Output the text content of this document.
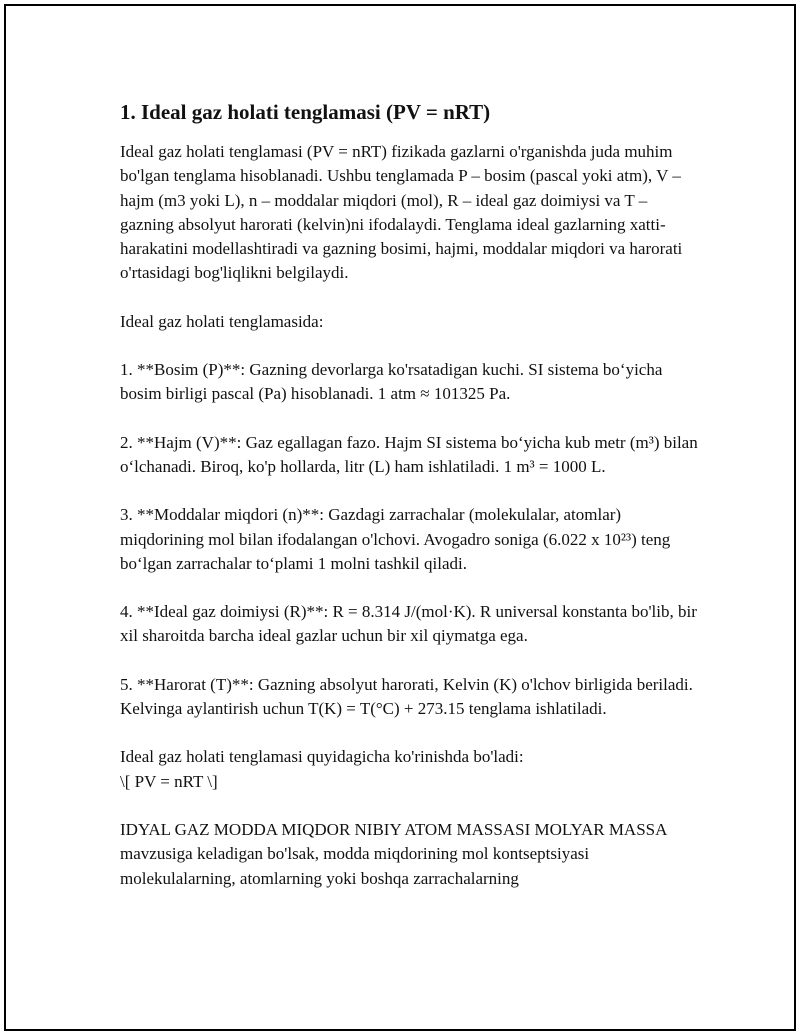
1. Ideal gaz holati tenglamasi (PV = nRT)

Ideal gaz holati tenglamasi (PV = nRT) fizikada gazlarni o'rganishda juda muhim bo'lgan tenglama hisoblanadi. Ushbu tenglamada P – bosim (pascal yoki atm), V – hajm (m3 yoki L), n – moddalar miqdori (mol), R – ideal gaz doimiysi va T – gazning absolyut harorati (kelvin)ni ifodalaydi. Tenglama ideal gazlarning xatti-harakatini modellashtiradi va gazning bosimi, hajmi, moddalar miqdori va harorati o'rtasidagi bog'liqlikni belgilaydi.

Ideal gaz holati tenglamasida:

1. **Bosim (P)**: Gazning devorlarga ko'rsatadigan kuchi. SI sistema bo‘yicha bosim birligi pascal (Pa) hisoblanadi. 1 atm ≈ 101325 Pa.

2. **Hajm (V)**: Gaz egallagan fazo. Hajm SI sistema bo‘yicha kub metr (m³) bilan o‘lchanadi. Biroq, ko'p hollarda, litr (L) ham ishlatiladi. 1 m³ = 1000 L.

3. **Moddalar miqdori (n)**: Gazdagi zarrachalar (molekulalar, atomlar) miqdorining mol bilan ifodalangan o'lchovi. Avogadro soniga (6.022 x 10²³) teng bo‘lgan zarrachalar to‘plami 1 molni tashkil qiladi.

4. **Ideal gaz doimiysi (R)**: R = 8.314 J/(mol·K). R universal konstanta bo'lib, bir xil sharoitda barcha ideal gazlar uchun bir xil qiymatga ega.

5. **Harorat (T)**: Gazning absolyut harorati, Kelvin (K) o'lchov birligida beriladi. Kelvinga aylantirish uchun T(K) = T(°C) + 273.15 tenglama ishlatiladi.

Ideal gaz holati tenglamasi quyidagicha ko'rinishda bo'ladi:
\[ PV = nRT \]

IDYAL GAZ MODDA MIQDOR NIBIY ATOM MASSASI MOLYAR MASSA mavzusiga keladigan bo'lsak, modda miqdorining mol kontseptsiyasi molekulalarning, atomlarning yoki boshqa zarrachalarning
